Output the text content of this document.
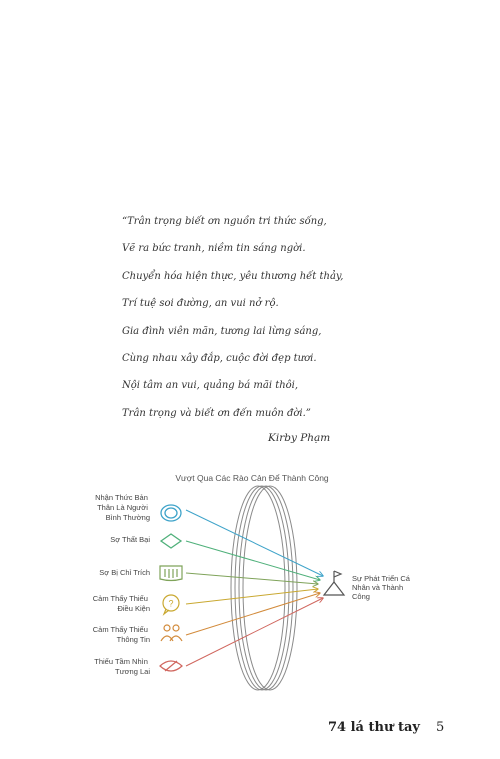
“Trân trọng biết ơn nguồn tri thức sống,
Vẽ ra bức tranh, niềm tin sáng ngời.
Chuyển hóa hiện thực, yêu thương hết thảy,
Trí tuệ soi đường, an vui nở rộ.
Gia đình viên mãn, tương lai lừng sáng,
Cùng nhau xây đắp, cuộc đời đẹp tươi.
Nội tâm an vui, quảng bá mãi thôi,
Trân trọng và biết ơn đến muôn đời.”
Kirby Phạm
Vượt Qua Các Rào Cản Để Thành Công
Nhận Thức Bản Thân Là Người Bình Thường
Sợ Thất Bại
Sợ Bị Chỉ Trích
Cảm Thấy Thiếu Điều Kiện ?
Cảm Thấy Thiếu Thông Tin
Thiếu Tầm Nhìn Tương Lai
Sự Phát Triển Cá Nhân và Thành Công
74 lá thư tay 5
